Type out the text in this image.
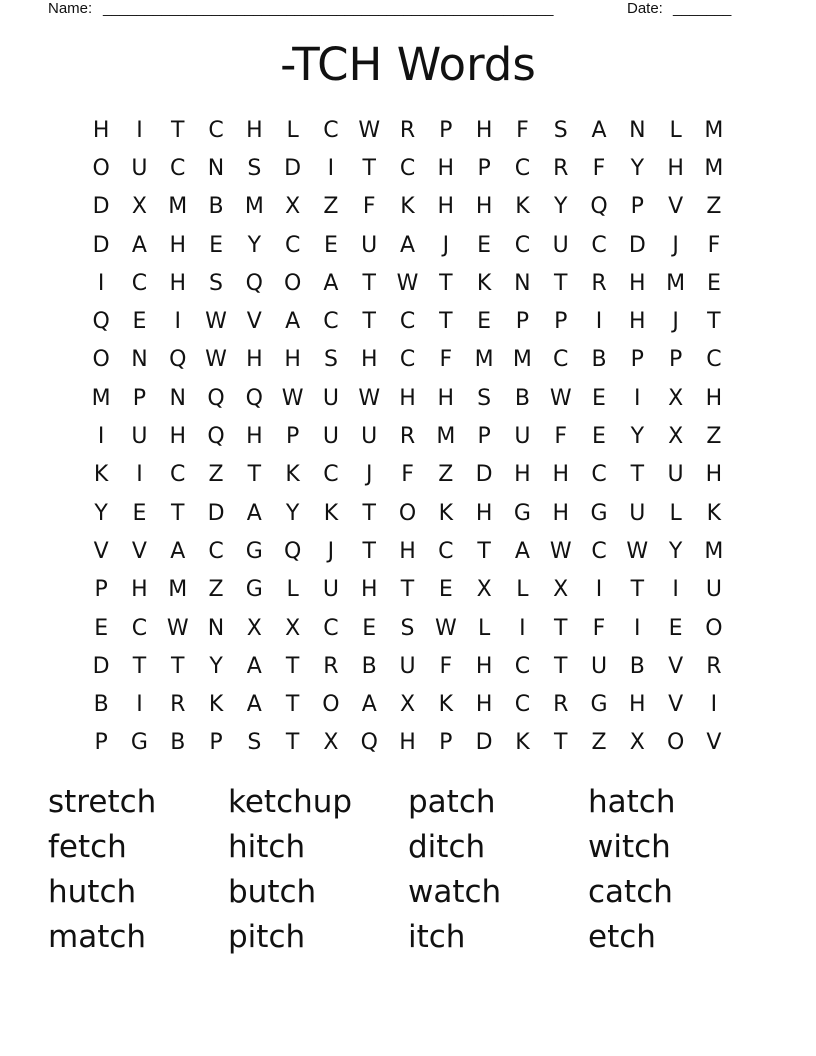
Name: ______________________________________________________	Date: _______
-TCH Words
H	I	T	C	H	L	C W R	P	H	F	S	A	N	L	M
O U	C	N	S	D	I	T	C	H	P	C	R	F	Y	H M
D	X M B M X	Z	F	K	H H	K	Y	Q	P	V	Z
D	A	H	E	Y	C	E	U	A	J	E	C	U	C	D	J	F
I	C	H	S	Q O	A	T W T	K	N	T	R	H M E
Q	E	I	W V	A	C	T	C	T	E	P	P	I	H	J	T
O N Q W H H	S	H	C	F	M M C	B	P	P	C
M	P	N Q Q W U W H H	S	B W E	I	X	H
I	U H Q H	P	U	U	R M	P	U	F	E	Y	X	Z
K	I	C	Z	T	K	C	J	F	Z	D H H	C	T	U H
Y	E	T	D	A	Y	K	T	O	K	H G H G U	L	K
V	V	A	C	G Q	J	T	H	C	T	A W C W Y	M
P	H M Z	G	L	U H	T	E	X	L	X	I	T	I	U
E	C W N	X	X	C	E	S W L	I	T	F	I	E	O
D	T	T	Y	A	T	R	B	U	F	H	C	T	U	B	V	R
B	I	R	K	A	T	O	A	X	K	H	C	R	G H	V	I
P	G	B	P	S	T	X	Q H	P	D	K	T	Z	X	O	V
stretch	ketchup	patch	hatch
fetch	hitch	ditch	witch
hutch	butch	watch	catch
match	pitch	itch	etch
